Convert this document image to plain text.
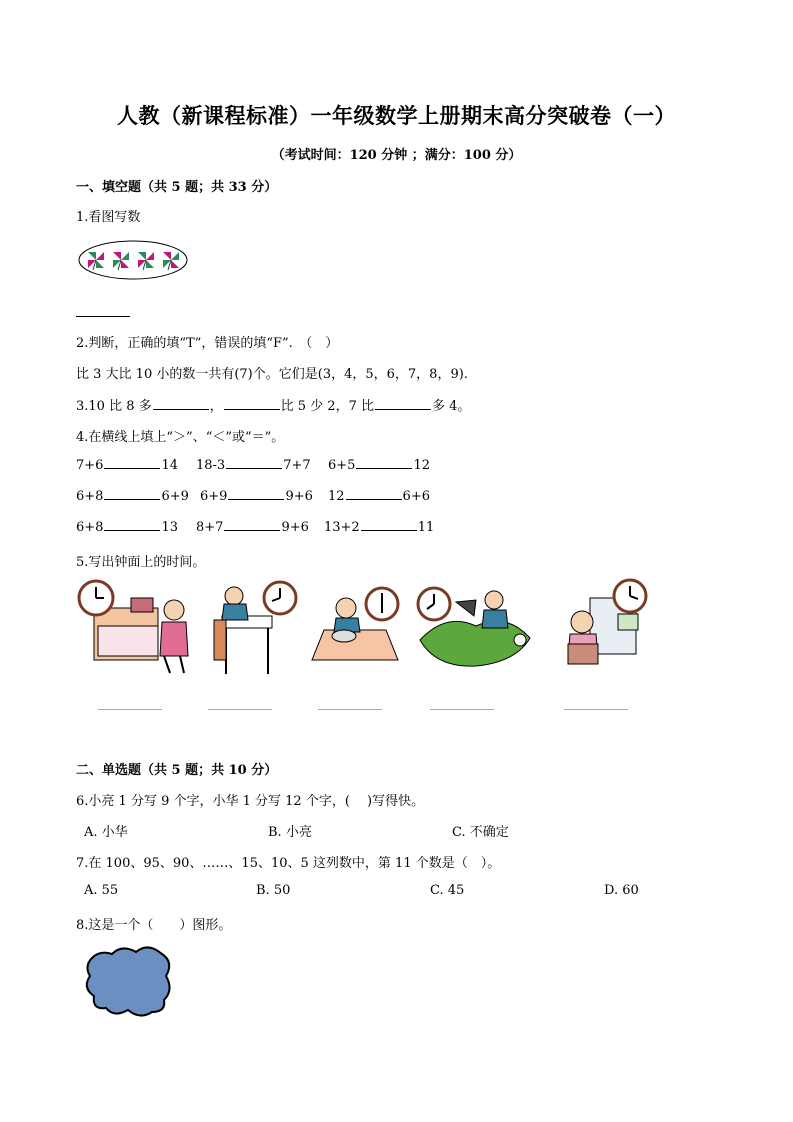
人教（新课程标准）一年级数学上册期末高分突破卷（一）
（考试时间：120 分钟 ；满分：100 分）
一、填空题（共 5 题；共 33 分）
1.看图写数
2.判断，正确的填“T”，错误的填“F”.　（　）
比 3 大比 10 小的数一共有(7)个。它们是(3，4，5，6，7，8，9).
3.10 比 8 多	，	比 5 少 2，7 比	多 4。
4.在横线上填上“＞”、“＜”或“＝”。
7+6	14 18-3	7+7 6+5	12
6+8	6+9 6+9	9+6 12	6+6
6+8	13 8+7	9+6 13+2	11
5.写出钟面上的时间。
二、单选题（共 5 题；共 10 分）
6.小亮 1 分写 9 个字，小华 1 分写 12 个字，(　 )写得快。
A. 小华	B. 小亮	C. 不确定
7.在 100、95、90、……、15、10、5 这列数中，第 11 个数是（　）。
A. 55	B. 50	C. 45	D. 60
8.这是一个（　　）图形。
